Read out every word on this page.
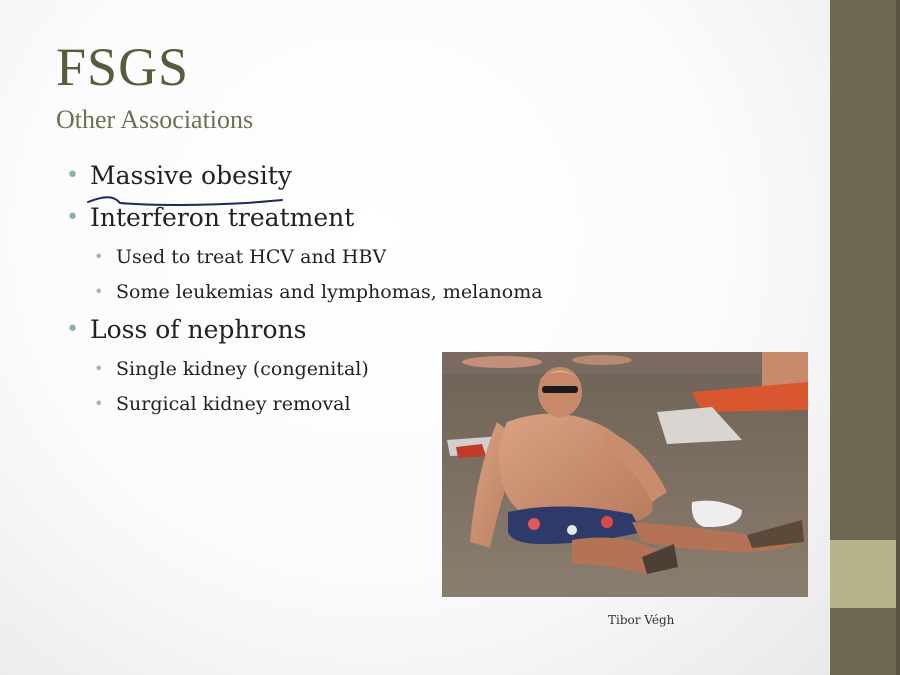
FSGS
Other Associations
• Massive obesity
• Interferon treatment
• Used to treat HCV and HBV
• Some leukemias and lymphomas, melanoma
• Loss of nephrons
• Single kidney (congenital)
• Surgical kidney removal
Tibor Végh
